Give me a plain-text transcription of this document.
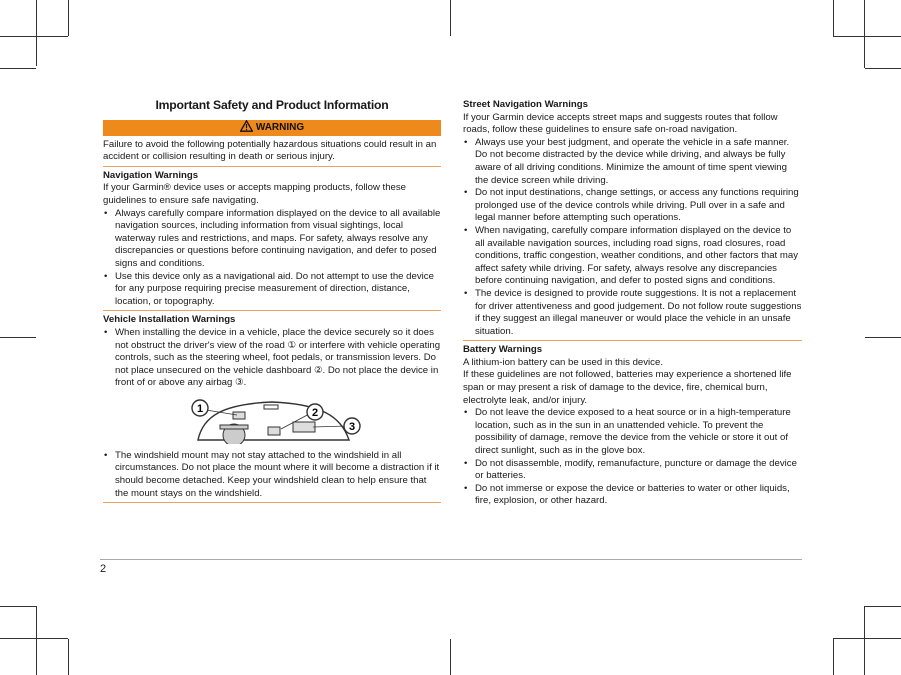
Important Safety and Product Information
WARNING

Failure to avoid the following potentially hazardous situations could result in an accident or collision resulting in death or serious injury.

Navigation Warnings

If your Garmin® device uses or accepts mapping products, follow these guidelines to ensure safe navigating.

• Always carefully compare information displayed on the device to all available navigation sources, including information from visual sightings, local waterway rules and restrictions, and maps. For safety, always resolve any discrepancies or questions before continuing navigation, and defer to posed signs and conditions.
• Use this device only as a navigational aid. Do not attempt to use the device for any purpose requiring precise measurement of direction, distance, location, or topography.

Vehicle Installation Warnings

• When installing the device in a vehicle, place the device securely so it does not obstruct the driver's view of the road ① or interfere with vehicle operating controls, such as the steering wheel, foot pedals, or transmission levers. Do not place unsecured on the vehicle dashboard ②. Do not place the device in front of or above any airbag ③.
1	2
3
• The windshield mount may not stay attached to the windshield in all circumstances. Do not place the mount where it will become a distraction if it should become detached. Keep your windshield clean to help ensure that the mount stays on the windshield.

Street Navigation Warnings

If your Garmin device accepts street maps and suggests routes that follow roads, follow these guidelines to ensure safe on-road navigation.

• Always use your best judgment, and operate the vehicle in a safe manner. Do not become distracted by the device while driving, and always be fully aware of all driving conditions. Minimize the amount of time spent viewing the device screen while driving.
• Do not input destinations, change settings, or access any functions requiring prolonged use of the device controls while driving. Pull over in a safe and legal manner before attempting such operations.
• When navigating, carefully compare information displayed on the device to all available navigation sources, including road signs, road closures, road conditions, traffic congestion, weather conditions, and other factors that may affect safety while driving. For safety, always resolve any discrepancies before continuing navigation, and defer to posted signs and conditions.
• The device is designed to provide route suggestions. It is not a replacement for driver attentiveness and good judgement. Do not follow route suggestions if they suggest an illegal maneuver or would place the vehicle in an unsafe situation.

Battery Warnings

A lithium-ion battery can be used in this device.

If these guidelines are not followed, batteries may experience a shortened life span or may present a risk of damage to the device, fire, chemical burn, electrolyte leak, and/or injury.

• Do not leave the device exposed to a heat source or in a high-temperature location, such as in the sun in an unattended vehicle. To prevent the possibility of damage, remove the device from the vehicle or store it out of direct sunlight, such as in the glove box.
• Do not disassemble, modify, remanufacture, puncture or damage the device or batteries.
• Do not immerse or expose the device or batteries to water or other liquids, fire, explosion, or other hazard.
2
